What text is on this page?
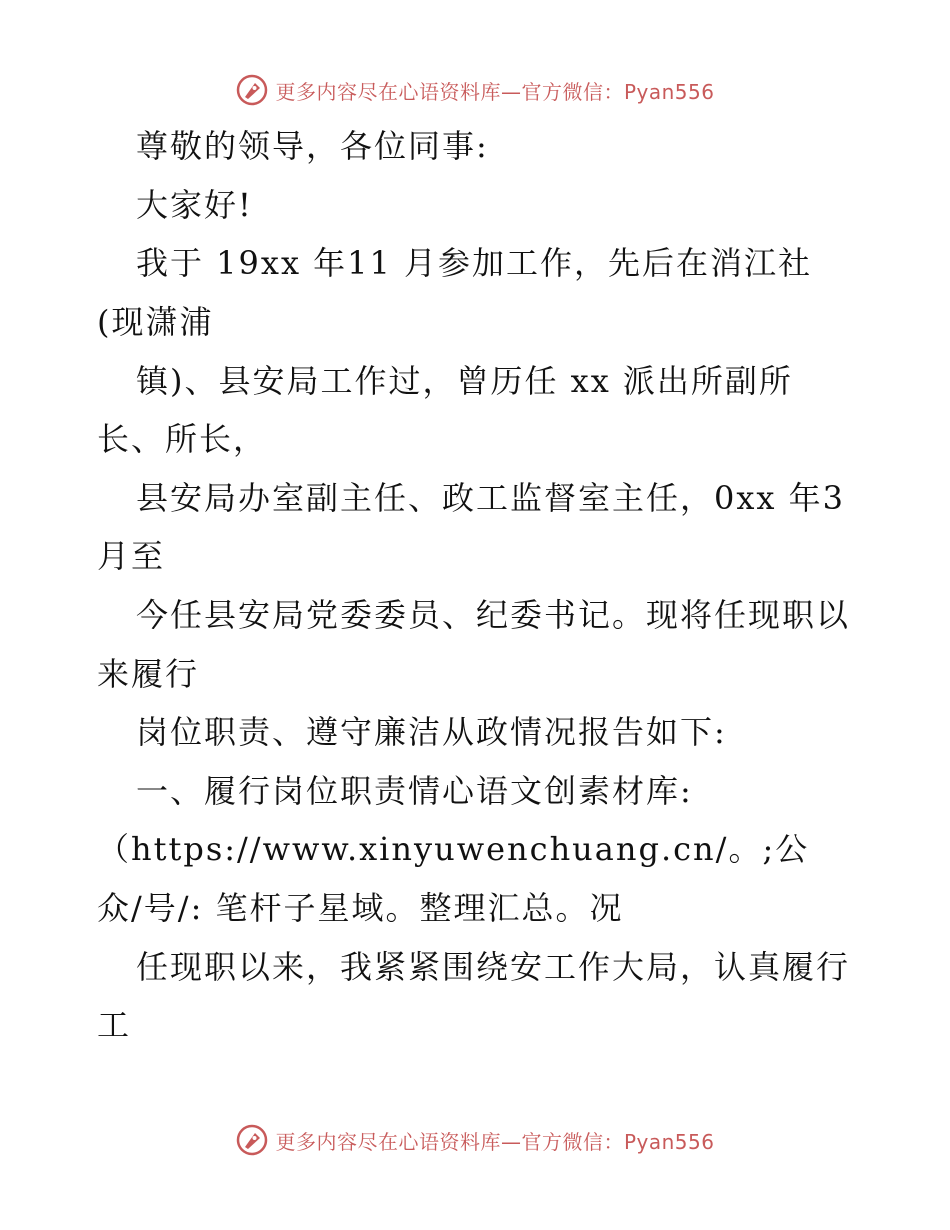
更多内容尽在心语资料库—官方微信：Pyan556
尊敬的领导，各位同事:
大家好!
我于 19xx 年11 月参加工作，先后在消江社
(现潇浦
镇)、县安局工作过，曾历任 xx 派出所副所
长、所长，
县安局办室副主任、政工监督室主任，0xx 年3
月至
今任县安局党委委员、纪委书记。现将任现职以
来履行
岗位职责、遵守廉洁从政情况报告如下:
一、履行岗位职责情心语文创素材库:
（https://www.xinyuwenchuang.cn/。;公
众/号/: 笔杆子星域。整理汇总。况
任现职以来，我紧紧围绕安工作大局，认真履行
工
更多内容尽在心语资料库—官方微信：Pyan556
